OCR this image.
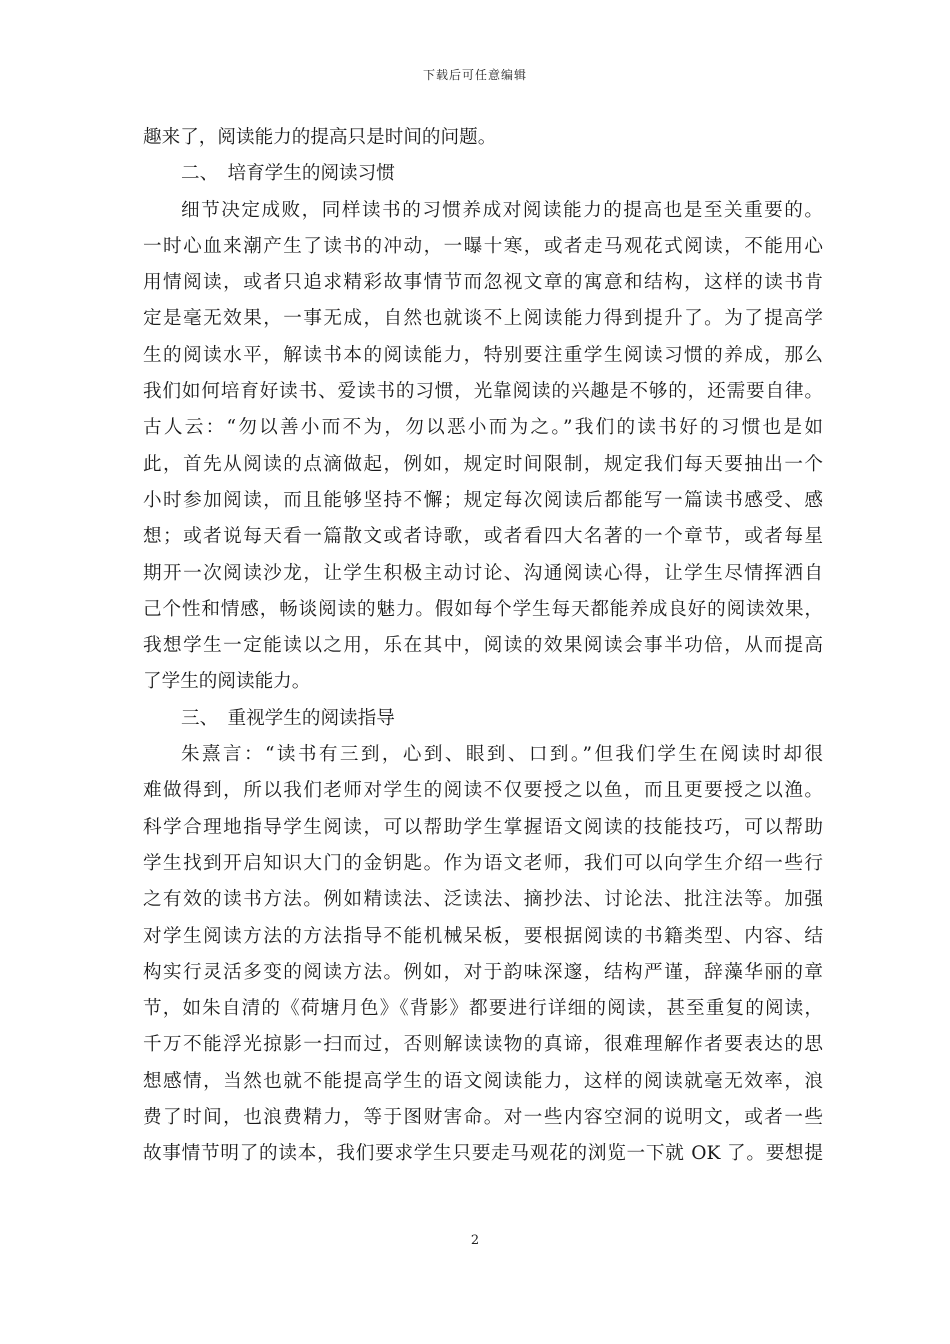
下载后可任意编辑
趣来了，阅读能力的提高只是时间的问题。
二、　培育学生的阅读习惯
细节决定成败，同样读书的习惯养成对阅读能力的提高也是至关重要的。
一时心血来潮产生了读书的冲动，一曝十寒，或者走马观花式阅读，不能用心
用情阅读，或者只追求精彩故事情节而忽视文章的寓意和结构，这样的读书肯
定是毫无效果，一事无成，自然也就谈不上阅读能力得到提升了。为了提高学
生的阅读水平，解读书本的阅读能力，特别要注重学生阅读习惯的养成，那么
我们如何培育好读书、爱读书的习惯，光靠阅读的兴趣是不够的，还需要自律。
古人云：“勿以善小而不为，勿以恶小而为之。”我们的读书好的习惯也是如
此，首先从阅读的点滴做起，例如，规定时间限制，规定我们每天要抽出一个
小时参加阅读，而且能够坚持不懈；规定每次阅读后都能写一篇读书感受、感
想；或者说每天看一篇散文或者诗歌，或者看四大名著的一个章节，或者每星
期开一次阅读沙龙，让学生积极主动讨论、沟通阅读心得，让学生尽情挥洒自
己个性和情感，畅谈阅读的魅力。假如每个学生每天都能养成良好的阅读效果，
我想学生一定能读以之用，乐在其中，阅读的效果阅读会事半功倍，从而提高
了学生的阅读能力。
三、　重视学生的阅读指导
朱熹言：“读书有三到，心到、眼到、口到。”但我们学生在阅读时却很
难做得到，所以我们老师对学生的阅读不仅要授之以鱼，而且更要授之以渔。
科学合理地指导学生阅读，可以帮助学生掌握语文阅读的技能技巧，可以帮助
学生找到开启知识大门的金钥匙。作为语文老师，我们可以向学生介绍一些行
之有效的读书方法。例如精读法、泛读法、摘抄法、讨论法、批注法等。加强
对学生阅读方法的方法指导不能机械呆板，要根据阅读的书籍类型、内容、结
构实行灵活多变的阅读方法。例如，对于韵味深邃，结构严谨，辞藻华丽的章
节，如朱自清的《荷塘月色》《背影》都要进行详细的阅读，甚至重复的阅读，
千万不能浮光掠影一扫而过，否则解读读物的真谛，很难理解作者要表达的思
想感情，当然也就不能提高学生的语文阅读能力，这样的阅读就毫无效率，浪
费了时间，也浪费精力，等于图财害命。对一些内容空洞的说明文，或者一些
故事情节明了的读本，我们要求学生只要走马观花的浏览一下就 OK 了。要想提
2
